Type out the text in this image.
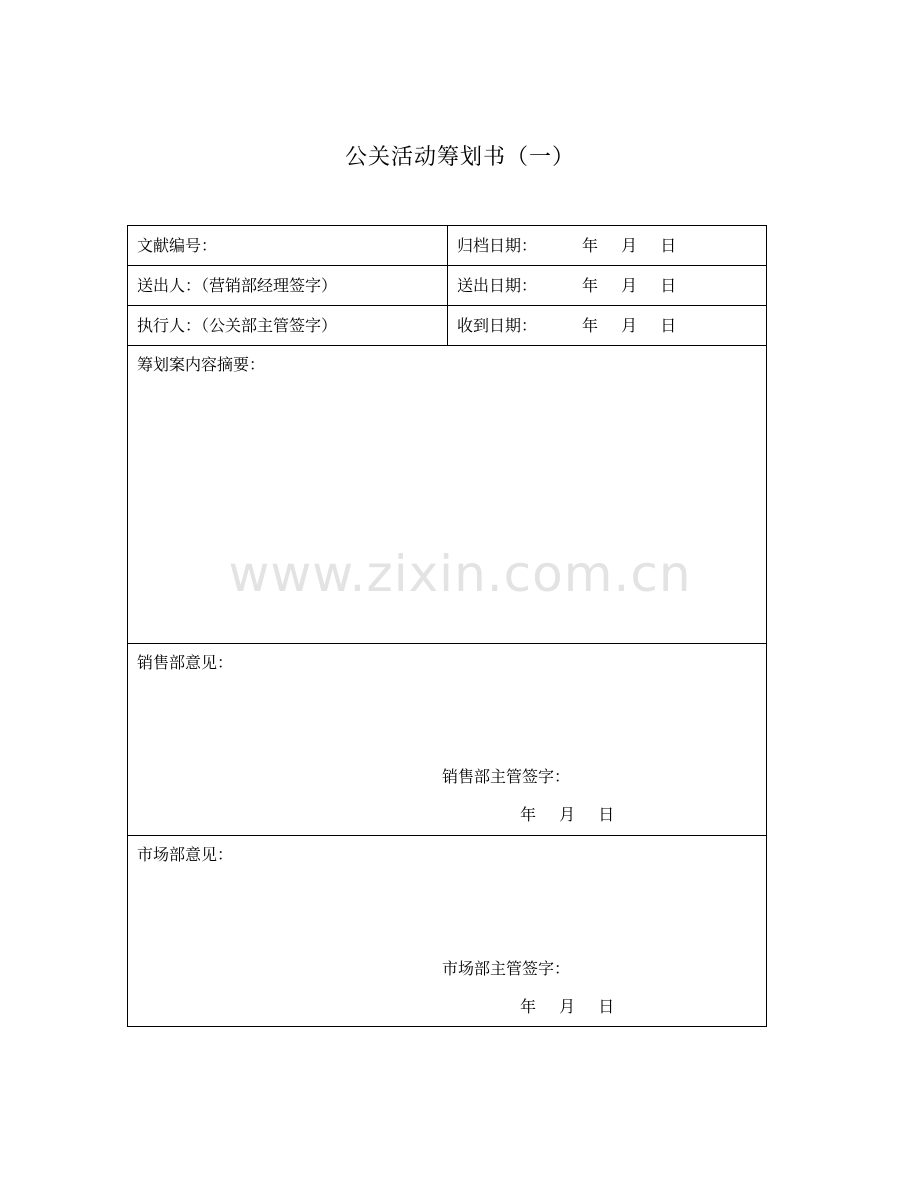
公关活动筹划书（一）
文献编号：	归档日期：	年 月 日
送出人：（营销部经理签字）	送出日期：	年 月 日
执行人：（公关部主管签字）	收到日期：	年 月 日
筹划案内容摘要：
销售部意见：
销售部主管签字：
年 月 日
市场部意见：
市场部主管签字：
年 月 日
www.zixin.com.cn
